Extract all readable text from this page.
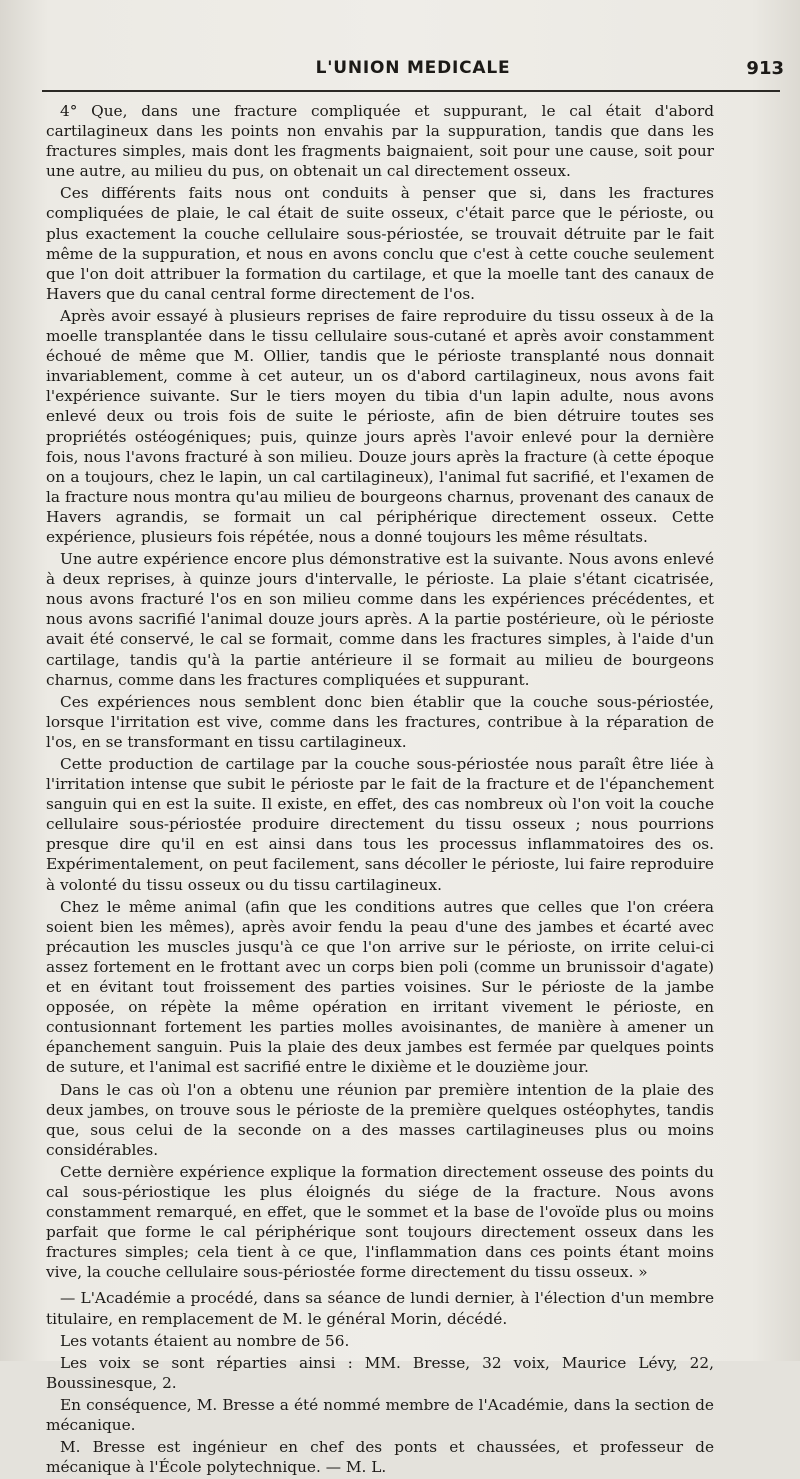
L'UNION MEDICALE	913

4° Que, dans une fracture compliquée et suppurant, le cal était d'abord cartilagineux dans les points non envahis par la suppuration, tandis que dans les fractures simples, mais dont les fragments baignaient, soit pour une cause, soit pour une autre, au milieu du pus, on obtenait un cal directement osseux.

Ces différents faits nous ont conduits à penser que si, dans les fractures compliquées de plaie, le cal était de suite osseux, c'était parce que le périoste, ou plus exactement la couche cellulaire sous-périostée, se trouvait détruite par le fait même de la suppuration, et nous en avons conclu que c'est à cette couche seulement que l'on doit attribuer la formation du cartilage, et que la moelle tant des canaux de Havers que du canal central forme directement de l'os.

Après avoir essayé à plusieurs reprises de faire reproduire du tissu osseux à de la moelle transplantée dans le tissu cellulaire sous-cutané et après avoir constamment échoué de même que M. Ollier, tandis que le périoste transplanté nous donnait invariablement, comme à cet auteur, un os d'abord cartilagineux, nous avons fait l'expérience suivante. Sur le tiers moyen du tibia d'un lapin adulte, nous avons enlevé deux ou trois fois de suite le périoste, afin de bien détruire toutes ses propriétés ostéogéniques; puis, quinze jours après l'avoir enlevé pour la dernière fois, nous l'avons fracturé à son milieu. Douze jours après la fracture (à cette époque on a toujours, chez le lapin, un cal cartilagineux), l'animal fut sacrifié, et l'examen de la fracture nous montra qu'au milieu de bourgeons charnus, provenant des canaux de Havers agrandis, se formait un cal périphérique directement osseux. Cette expérience, plusieurs fois répétée, nous a donné toujours les même résultats.

Une autre expérience encore plus démonstrative est la suivante. Nous avons enlevé à deux reprises, à quinze jours d'intervalle, le périoste. La plaie s'étant cicatrisée, nous avons fracturé l'os en son milieu comme dans les expériences précédentes, et nous avons sacrifié l'animal douze jours après. A la partie postérieure, où le périoste avait été conservé, le cal se formait, comme dans les fractures simples, à l'aide d'un cartilage, tandis qu'à la partie antérieure il se formait au milieu de bourgeons charnus, comme dans les fractures compliquées et suppurant.

Ces expériences nous semblent donc bien établir que la couche sous-périostée, lorsque l'irritation est vive, comme dans les fractures, contribue à la réparation de l'os, en se transformant en tissu cartilagineux.

Cette production de cartilage par la couche sous-périostée nous paraît être liée à l'irritation intense que subit le périoste par le fait de la fracture et de l'épanchement sanguin qui en est la suite. Il existe, en effet, des cas nombreux où l'on voit la couche cellulaire sous-périostée produire directement du tissu osseux ; nous pourrions presque dire qu'il en est ainsi dans tous les processus inflammatoires des os. Expérimentalement, on peut facilement, sans décoller le périoste, lui faire reproduire à volonté du tissu osseux ou du tissu cartilagineux.

Chez le même animal (afin que les conditions autres que celles que l'on créera soient bien les mêmes), après avoir fendu la peau d'une des jambes et écarté avec précaution les muscles jusqu'à ce que l'on arrive sur le périoste, on irrite celui-ci assez fortement en le frottant avec un corps bien poli (comme un brunissoir d'agate) et en évitant tout froissement des parties voisines. Sur le périoste de la jambe opposée, on répète la même opération en irritant vivement le périoste, en contusionnant fortement les parties molles avoisinantes, de manière à amener un épanchement sanguin. Puis la plaie des deux jambes est fermée par quelques points de suture, et l'animal est sacrifié entre le dixième et le douzième jour.

Dans le cas où l'on a obtenu une réunion par première intention de la plaie des deux jambes, on trouve sous le périoste de la première quelques ostéophytes, tandis que, sous celui de la seconde on a des masses cartilagineuses plus ou moins considérables.

Cette dernière expérience explique la formation directement osseuse des points du cal sous-périostique les plus éloignés du siége de la fracture. Nous avons constamment remarqué, en effet, que le sommet et la base de l'ovoïde plus ou moins parfait que forme le cal périphérique sont toujours directement osseux dans les fractures simples; cela tient à ce que, l'inflammation dans ces points étant moins vive, la couche cellulaire sous-périostée forme directement du tissu osseux. »

— L'Académie a procédé, dans sa séance de lundi dernier, à l'élection d'un membre titulaire, en remplacement de M. le général Morin, décédé.

Les votants étaient au nombre de 56.

Les voix se sont réparties ainsi : MM. Bresse, 32 voix, Maurice Lévy, 22, Boussinesque, 2.

En conséquence, M. Bresse a été nommé membre de l'Académie, dans la section de mécanique.

M. Bresse est ingénieur en chef des ponts et chaussées, et professeur de mécanique à l'École polytechnique. — M. L.
